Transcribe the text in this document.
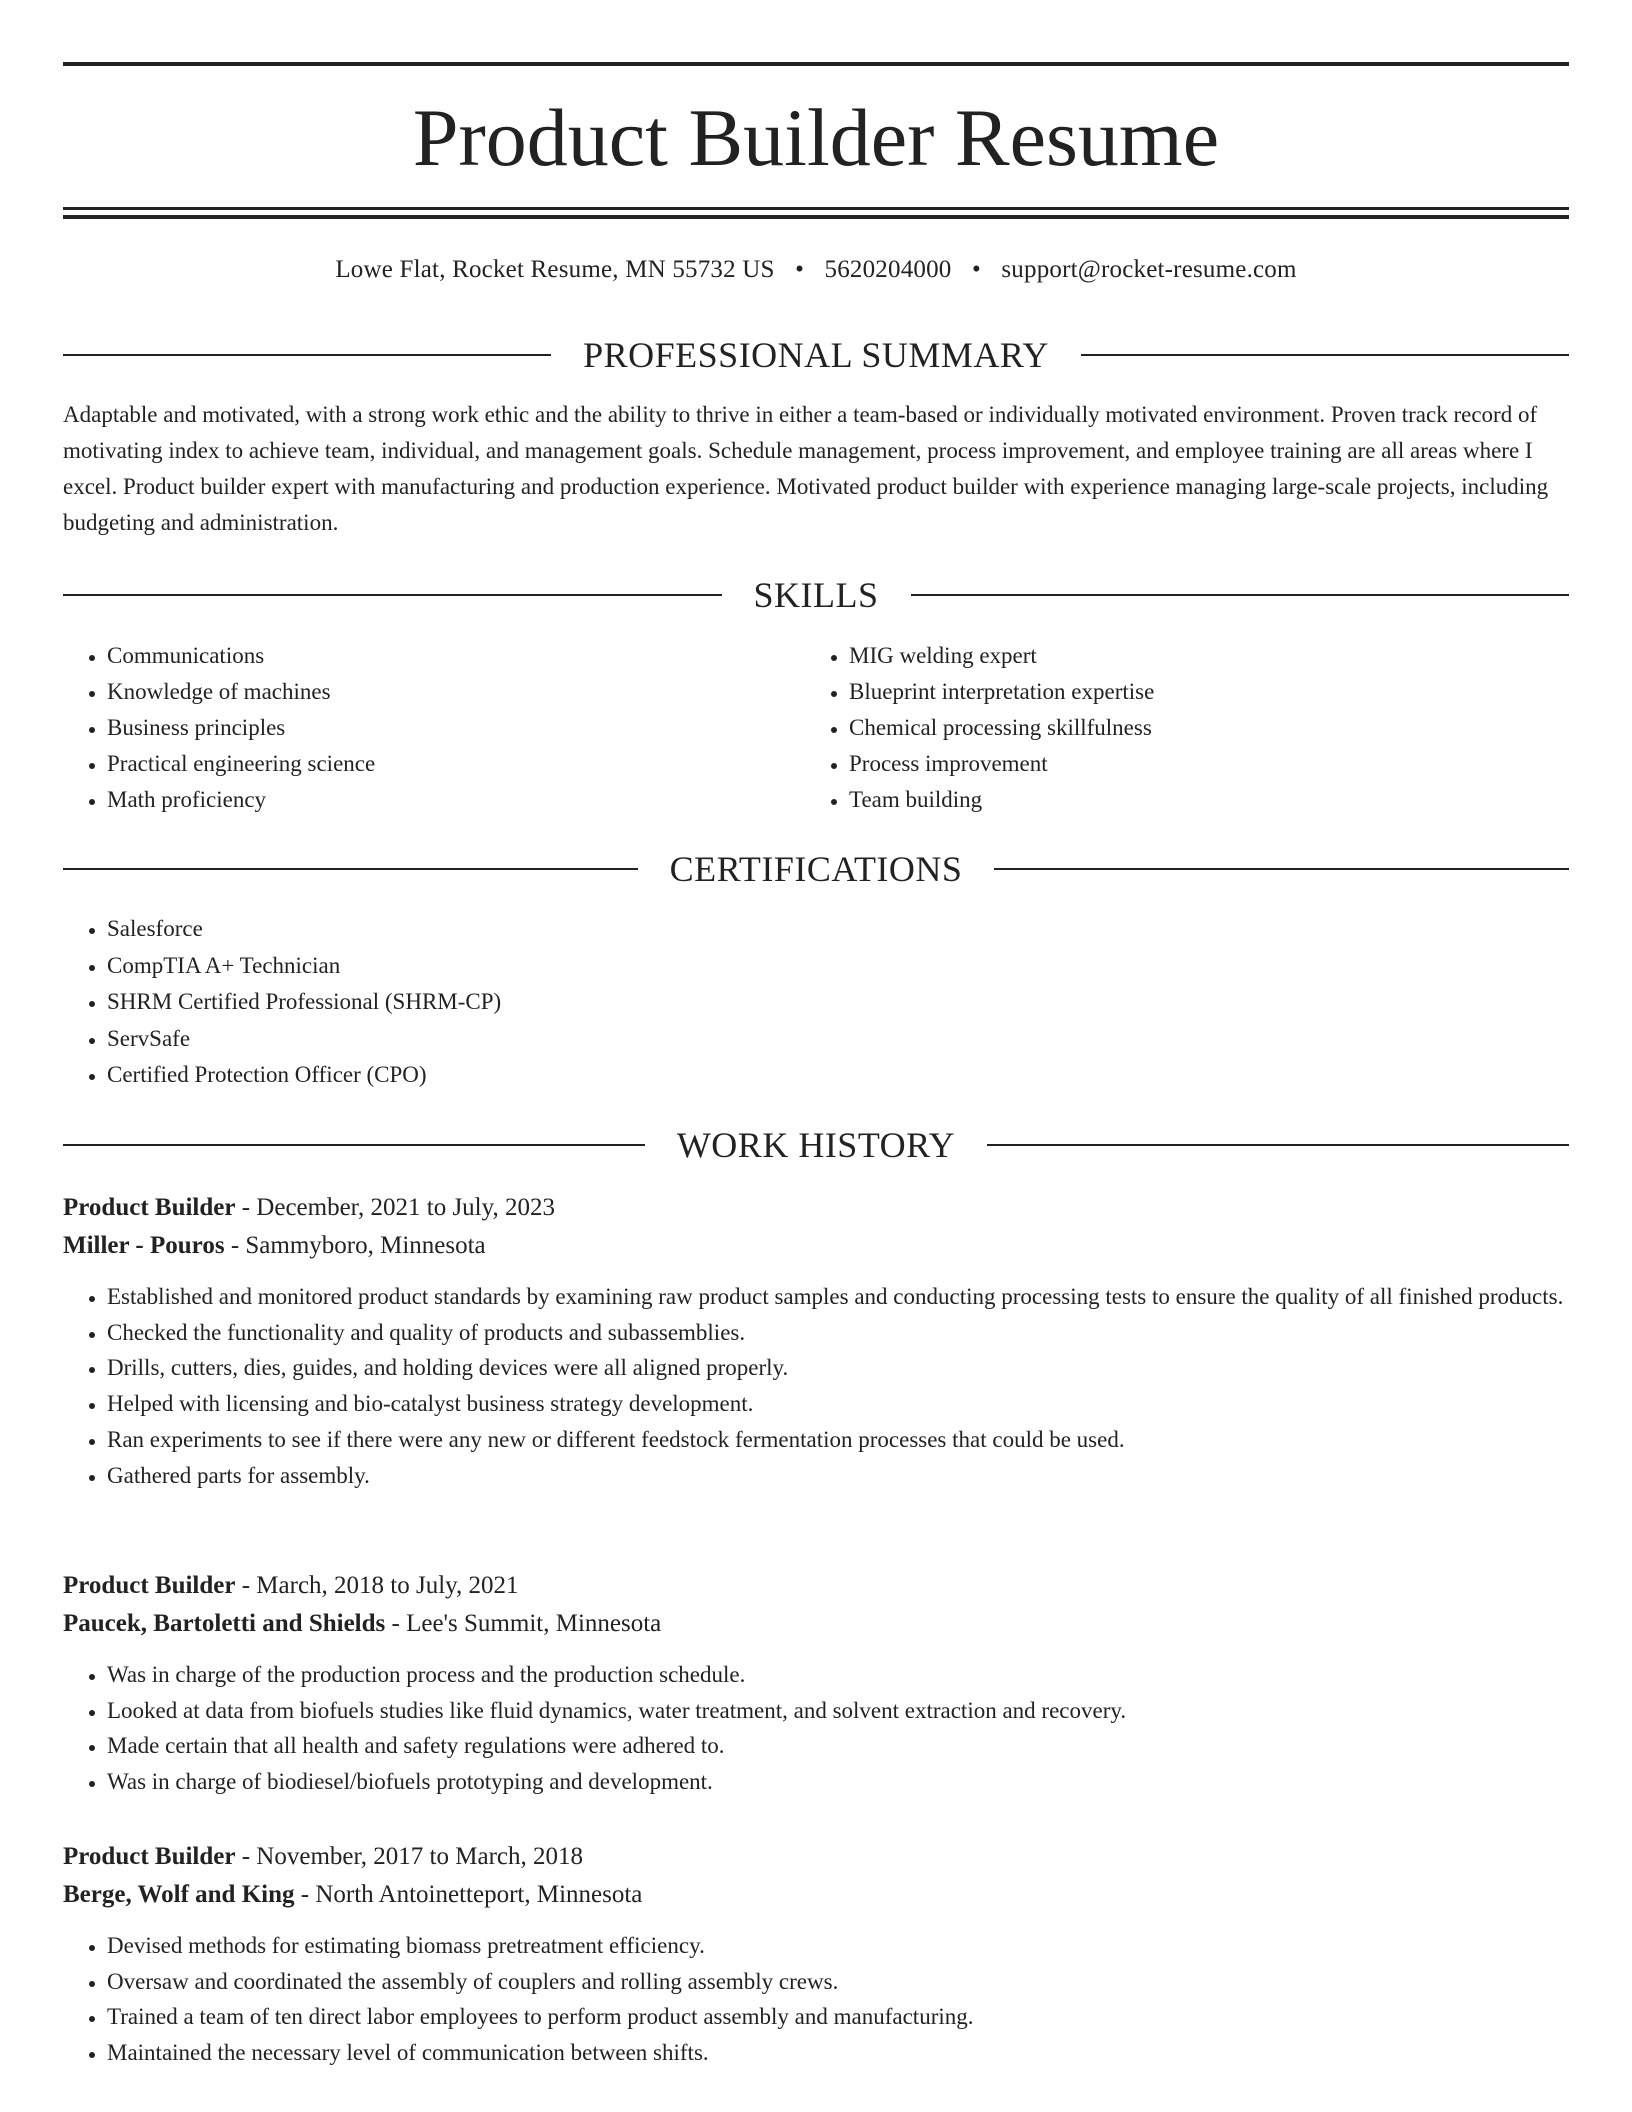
Product Builder Resume
Lowe Flat, Rocket Resume, MN 55732 US • 5620204000 • support@rocket-resume.com
PROFESSIONAL SUMMARY

Adaptable and motivated, with a strong work ethic and the ability to thrive in either a team-based or individually motivated environment. Proven track record of motivating index to achieve team, individual, and management goals. Schedule management, process improvement, and employee training are all areas where I excel. Product builder expert with manufacturing and production experience. Motivated product builder with experience managing large-scale projects, including budgeting and administration.

SKILLS
• Communications
• Knowledge of machines
• Business principles
• Practical engineering science
• Math proficiency
• MIG welding expert
• Blueprint interpretation expertise
• Chemical processing skillfulness
• Process improvement
• Team building
CERTIFICATIONS
• Salesforce
• CompTIA A+ Technician
• SHRM Certified Professional (SHRM-CP)
• ServSafe
• Certified Protection Officer (CPO)
WORK HISTORY
Product Builder - December, 2021 to July, 2023
Miller - Pouros - Sammyboro, Minnesota
• Established and monitored product standards by examining raw product samples and conducting processing tests to ensure the quality of all finished products.
• Checked the functionality and quality of products and subassemblies.
• Drills, cutters, dies, guides, and holding devices were all aligned properly.
• Helped with licensing and bio-catalyst business strategy development.
• Ran experiments to see if there were any new or different feedstock fermentation processes that could be used.
• Gathered parts for assembly.
Product Builder - March, 2018 to July, 2021
Paucek, Bartoletti and Shields - Lee's Summit, Minnesota
• Was in charge of the production process and the production schedule.
• Looked at data from biofuels studies like fluid dynamics, water treatment, and solvent extraction and recovery.
• Made certain that all health and safety regulations were adhered to.
• Was in charge of biodiesel/biofuels prototyping and development.
Product Builder - November, 2017 to March, 2018
Berge, Wolf and King - North Antoinetteport, Minnesota
• Devised methods for estimating biomass pretreatment efficiency.
• Oversaw and coordinated the assembly of couplers and rolling assembly crews.
• Trained a team of ten direct labor employees to perform product assembly and manufacturing.
• Maintained the necessary level of communication between shifts.
